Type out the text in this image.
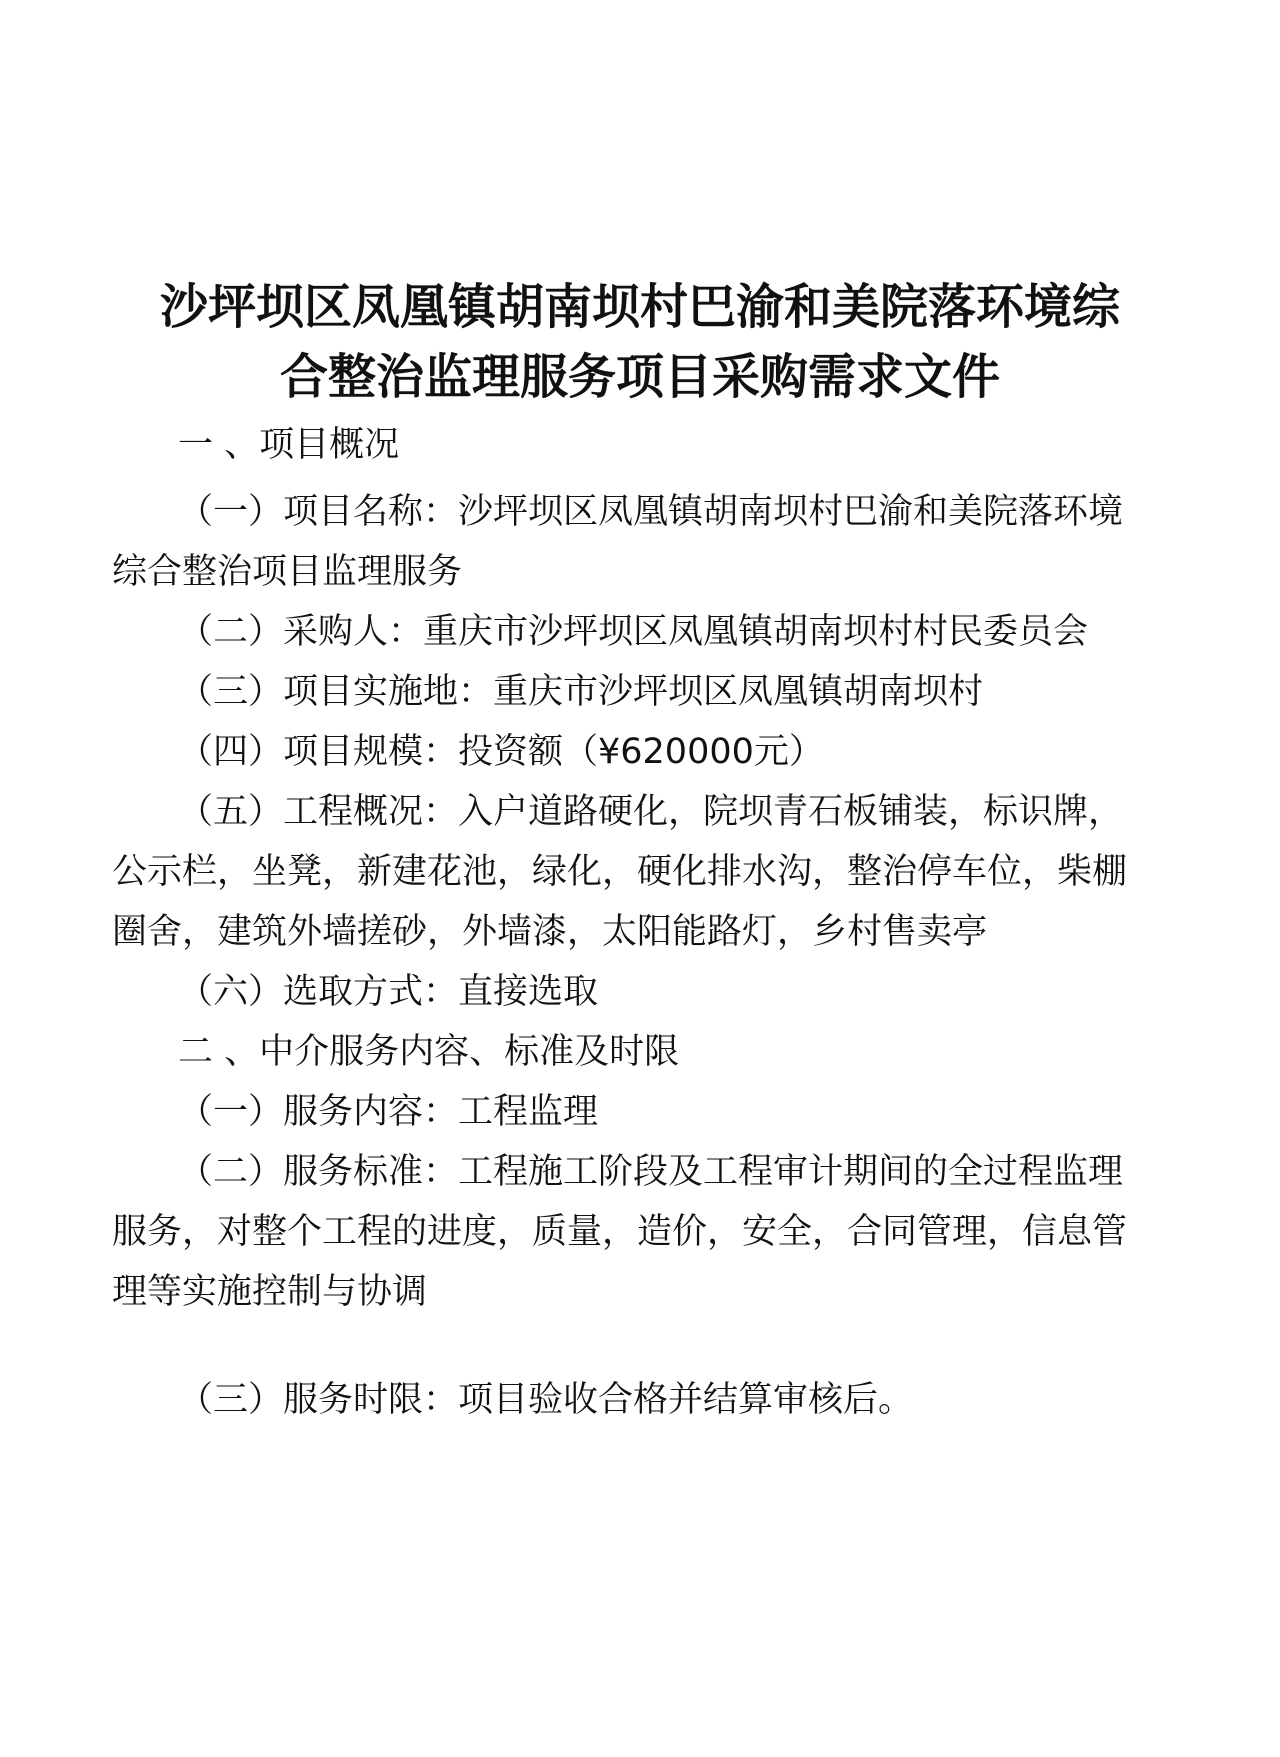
沙坪坝区凤凰镇胡南坝村巴渝和美院落环境综
合整治监理服务项目采购需求文件
一 、项目概况
（一）项目名称：沙坪坝区凤凰镇胡南坝村巴渝和美院落环境
综合整治项目监理服务
（二）采购人：重庆市沙坪坝区凤凰镇胡南坝村村民委员会
（三）项目实施地：重庆市沙坪坝区凤凰镇胡南坝村
（四）项目规模：投资额（¥620000元）
（五）工程概况：入户道路硬化，院坝青石板铺装，标识牌，
公示栏，坐凳，新建花池，绿化，硬化排水沟，整治停车位，柴棚
圈舍，建筑外墙搓砂，外墙漆，太阳能路灯，乡村售卖亭
（六）选取方式：直接选取
二 、中介服务内容、标准及时限
（一）服务内容：工程监理
（二）服务标准：工程施工阶段及工程审计期间的全过程监理
服务，对整个工程的进度，质量，造价，安全，合同管理，信息管
理等实施控制与协调
（三）服务时限：项目验收合格并结算审核后。
